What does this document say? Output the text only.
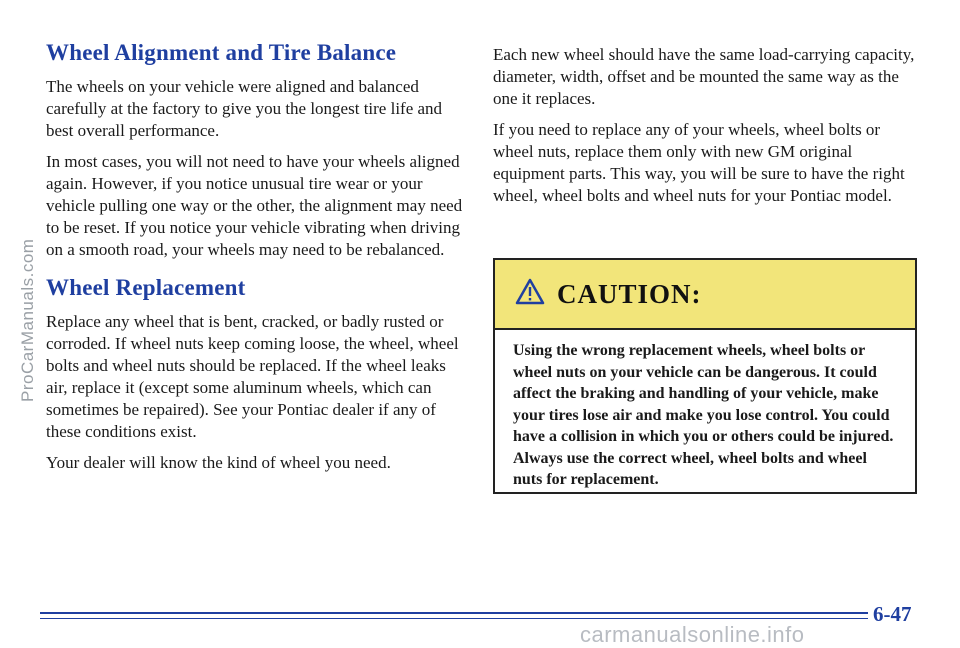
Wheel Alignment and Tire Balance

The wheels on your vehicle were aligned and balanced carefully at the factory to give you the longest tire life and best overall performance.

In most cases, you will not need to have your wheels aligned again. However, if you notice unusual tire wear or your vehicle pulling one way or the other, the alignment may need to be reset. If you notice your vehicle vibrating when driving on a smooth road, your wheels may need to be rebalanced.

Wheel Replacement

Replace any wheel that is bent, cracked, or badly rusted or corroded. If wheel nuts keep coming loose, the wheel, wheel bolts and wheel nuts should be replaced. If the wheel leaks air, replace it (except some aluminum wheels, which can sometimes be repaired). See your Pontiac dealer if any of these conditions exist.

Your dealer will know the kind of wheel you need.

Each new wheel should have the same load-carrying capacity, diameter, width, offset and be mounted the same way as the one it replaces.

If you need to replace any of your wheels, wheel bolts or wheel nuts, replace them only with new GM original equipment parts. This way, you will be sure to have the right wheel, wheel bolts and wheel nuts for your Pontiac model.

CAUTION:

Using the wrong replacement wheels, wheel bolts or wheel nuts on your vehicle can be dangerous. It could affect the braking and handling of your vehicle, make your tires lose air and make you lose control. You could have a collision in which you or others could be injured. Always use the correct wheel, wheel bolts and wheel nuts for replacement.

6-47
ProCarManuals.com
carmanualsonline.info
